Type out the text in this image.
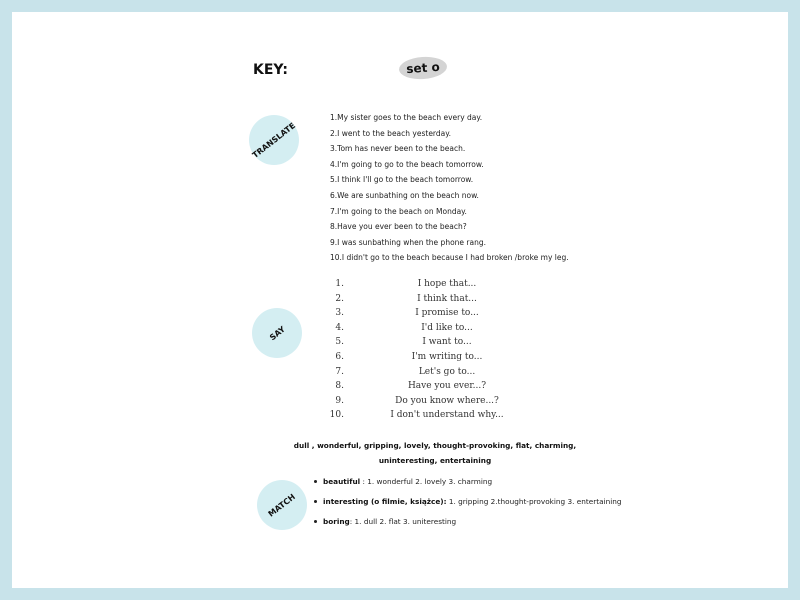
KEY:	set o
TRANSLATE
SAY
MATCH
1.My sister goes to the beach every day.
2.I went to the beach yesterday.
3.Tom has never been to the beach.
4.I'm going to go to the beach tomorrow.
5.I think I'll go to the beach tomorrow.
6.We are sunbathing on the beach now.
7.I'm going to the beach on Monday.
8.Have you ever been to the beach?
9.I was sunbathing when the phone rang.
10.I didn't go to the beach because I had broken /broke my leg.
1.	I hope that...
2.	I think that...
3.	I promise to...
4.	I'd like to...
5.	I want to...
6.	I'm writing to...
7.	Let's go to...
8.	Have you ever...?
9.	Do you know where...?
10.	I don't understand why...
dull , wonderful, gripping, lovely, thought-provoking, flat, charming, uninteresting, entertaining
beautiful : 1. wonderful 2. lovely 3. charming
interesting (o filmie, książce): 1. gripping 2.thought-provoking 3. entertaining
boring: 1. dull 2. flat 3. uniteresting
